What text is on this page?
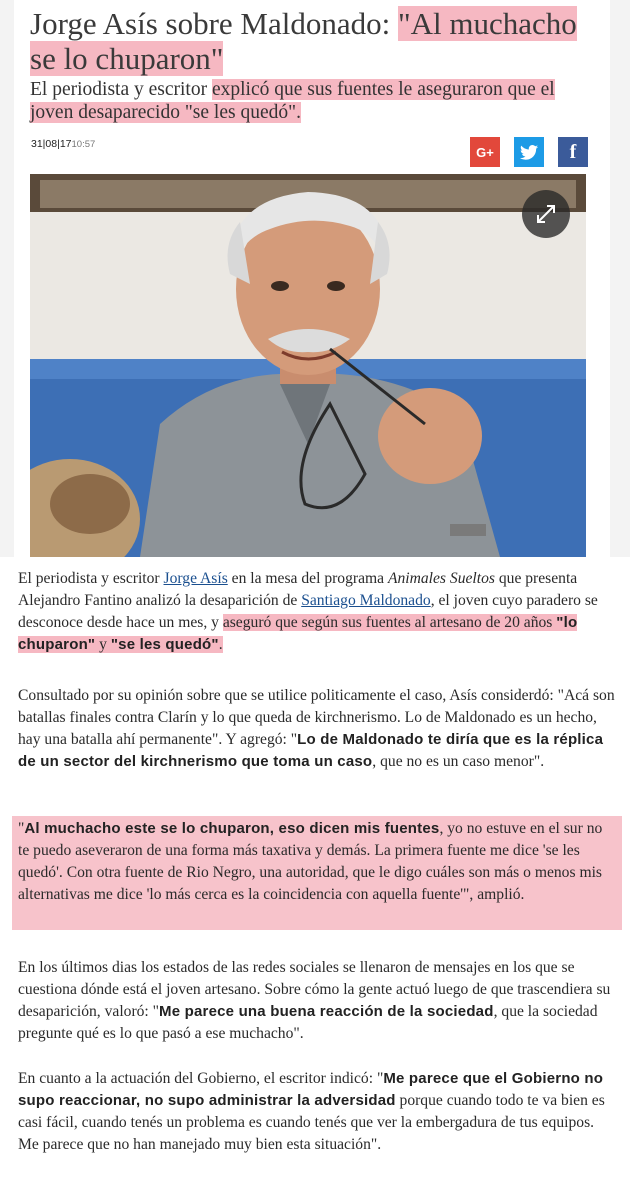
Jorge Asís sobre Maldonado: "Al muchacho se lo chuparon"

El periodista y escritor explicó que sus fuentes le aseguraron que el joven desaparecido "se les quedó".

31|08|1710:57	G+	f

El periodista y escritor Jorge Asís en la mesa del programa Animales Sueltos que presenta Alejandro Fantino analizó la desaparición de Santiago Maldonado, el joven cuyo paradero se desconoce desde hace un mes, y aseguró que según sus fuentes al artesano de 20 años "lo chuparon" y "se les quedó".

Consultado por su opinión sobre que se utilice politicamente el caso, Asís considerdó: "Acá son batallas finales contra Clarín y lo que queda de kirchnerismo. Lo de Maldonado es un hecho, hay una batalla ahí permanente". Y agregó: "Lo de Maldonado te diría que es la réplica de un sector del kirchnerismo que toma un caso, que no es un caso menor".

"Al muchacho este se lo chuparon, eso dicen mis fuentes, yo no estuve en el sur no te puedo aseveraron de una forma más taxativa y demás. La primera fuente me dice 'se les quedó'. Con otra fuente de Rio Negro, una autoridad, que le digo cuáles son más o menos mis alternativas me dice 'lo más cerca es la coincidencia con aquella fuente'", amplió.

En los últimos dias los estados de las redes sociales se llenaron de mensajes en los que se cuestiona dónde está el joven artesano. Sobre cómo la gente actuó luego de que trascendiera su desaparición, valoró: "Me parece una buena reacción de la sociedad, que la sociedad pregunte qué es lo que pasó a ese muchacho".

En cuanto a la actuación del Gobierno, el escritor indicó: "Me parece que el Gobierno no supo reaccionar, no supo administrar la adversidad porque cuando todo te va bien es casi fácil, cuando tenés un problema es cuando tenés que ver la embergadura de tus equipos. Me parece que no han manejado muy bien esta situación".
